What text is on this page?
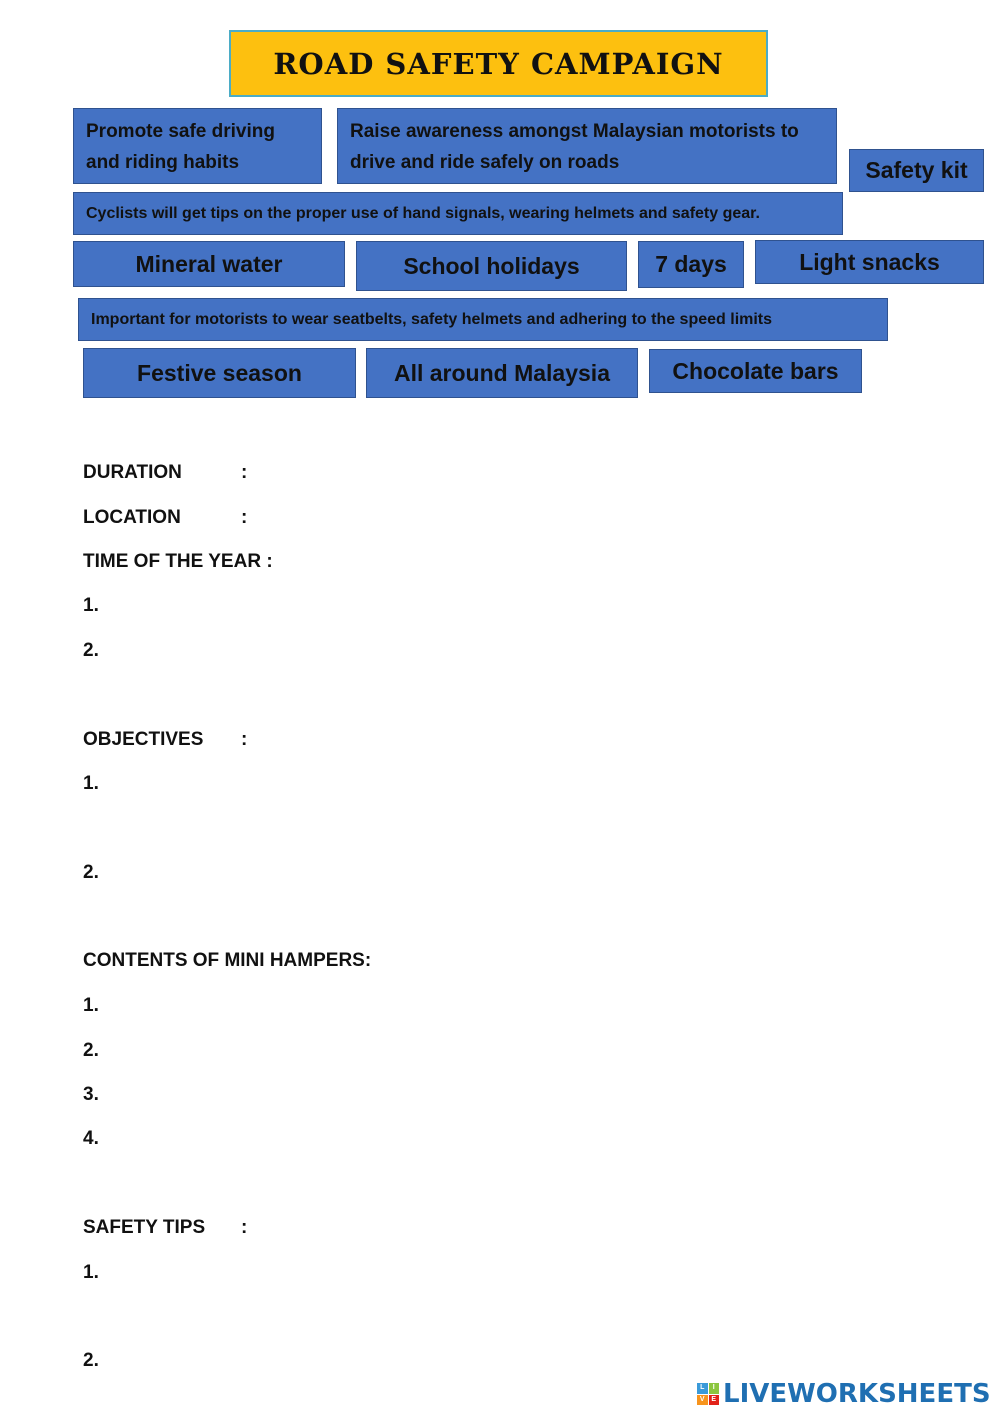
ROAD SAFETY CAMPAIGN
Promote safe driving and riding habits
Raise awareness amongst Malaysian motorists to drive and ride safely on roads	Safety kit
Cyclists will get tips on the proper use of hand signals, wearing helmets and safety gear.
Mineral water	School holidays	7 days	Light snacks
Important for motorists to wear seatbelts, safety helmets and adhering to the speed limits
Festive season	All around Malaysia	Chocolate bars
DURATION	:
LOCATION	:
TIME OF THE YEAR :
1.
2.
OBJECTIVES :
1.
2.
CONTENTS OF MINI HAMPERS:
1.
2.
3.
4.
SAFETY TIPS :
1.
2.
L	I
V E LIVEWORKSHEETS
